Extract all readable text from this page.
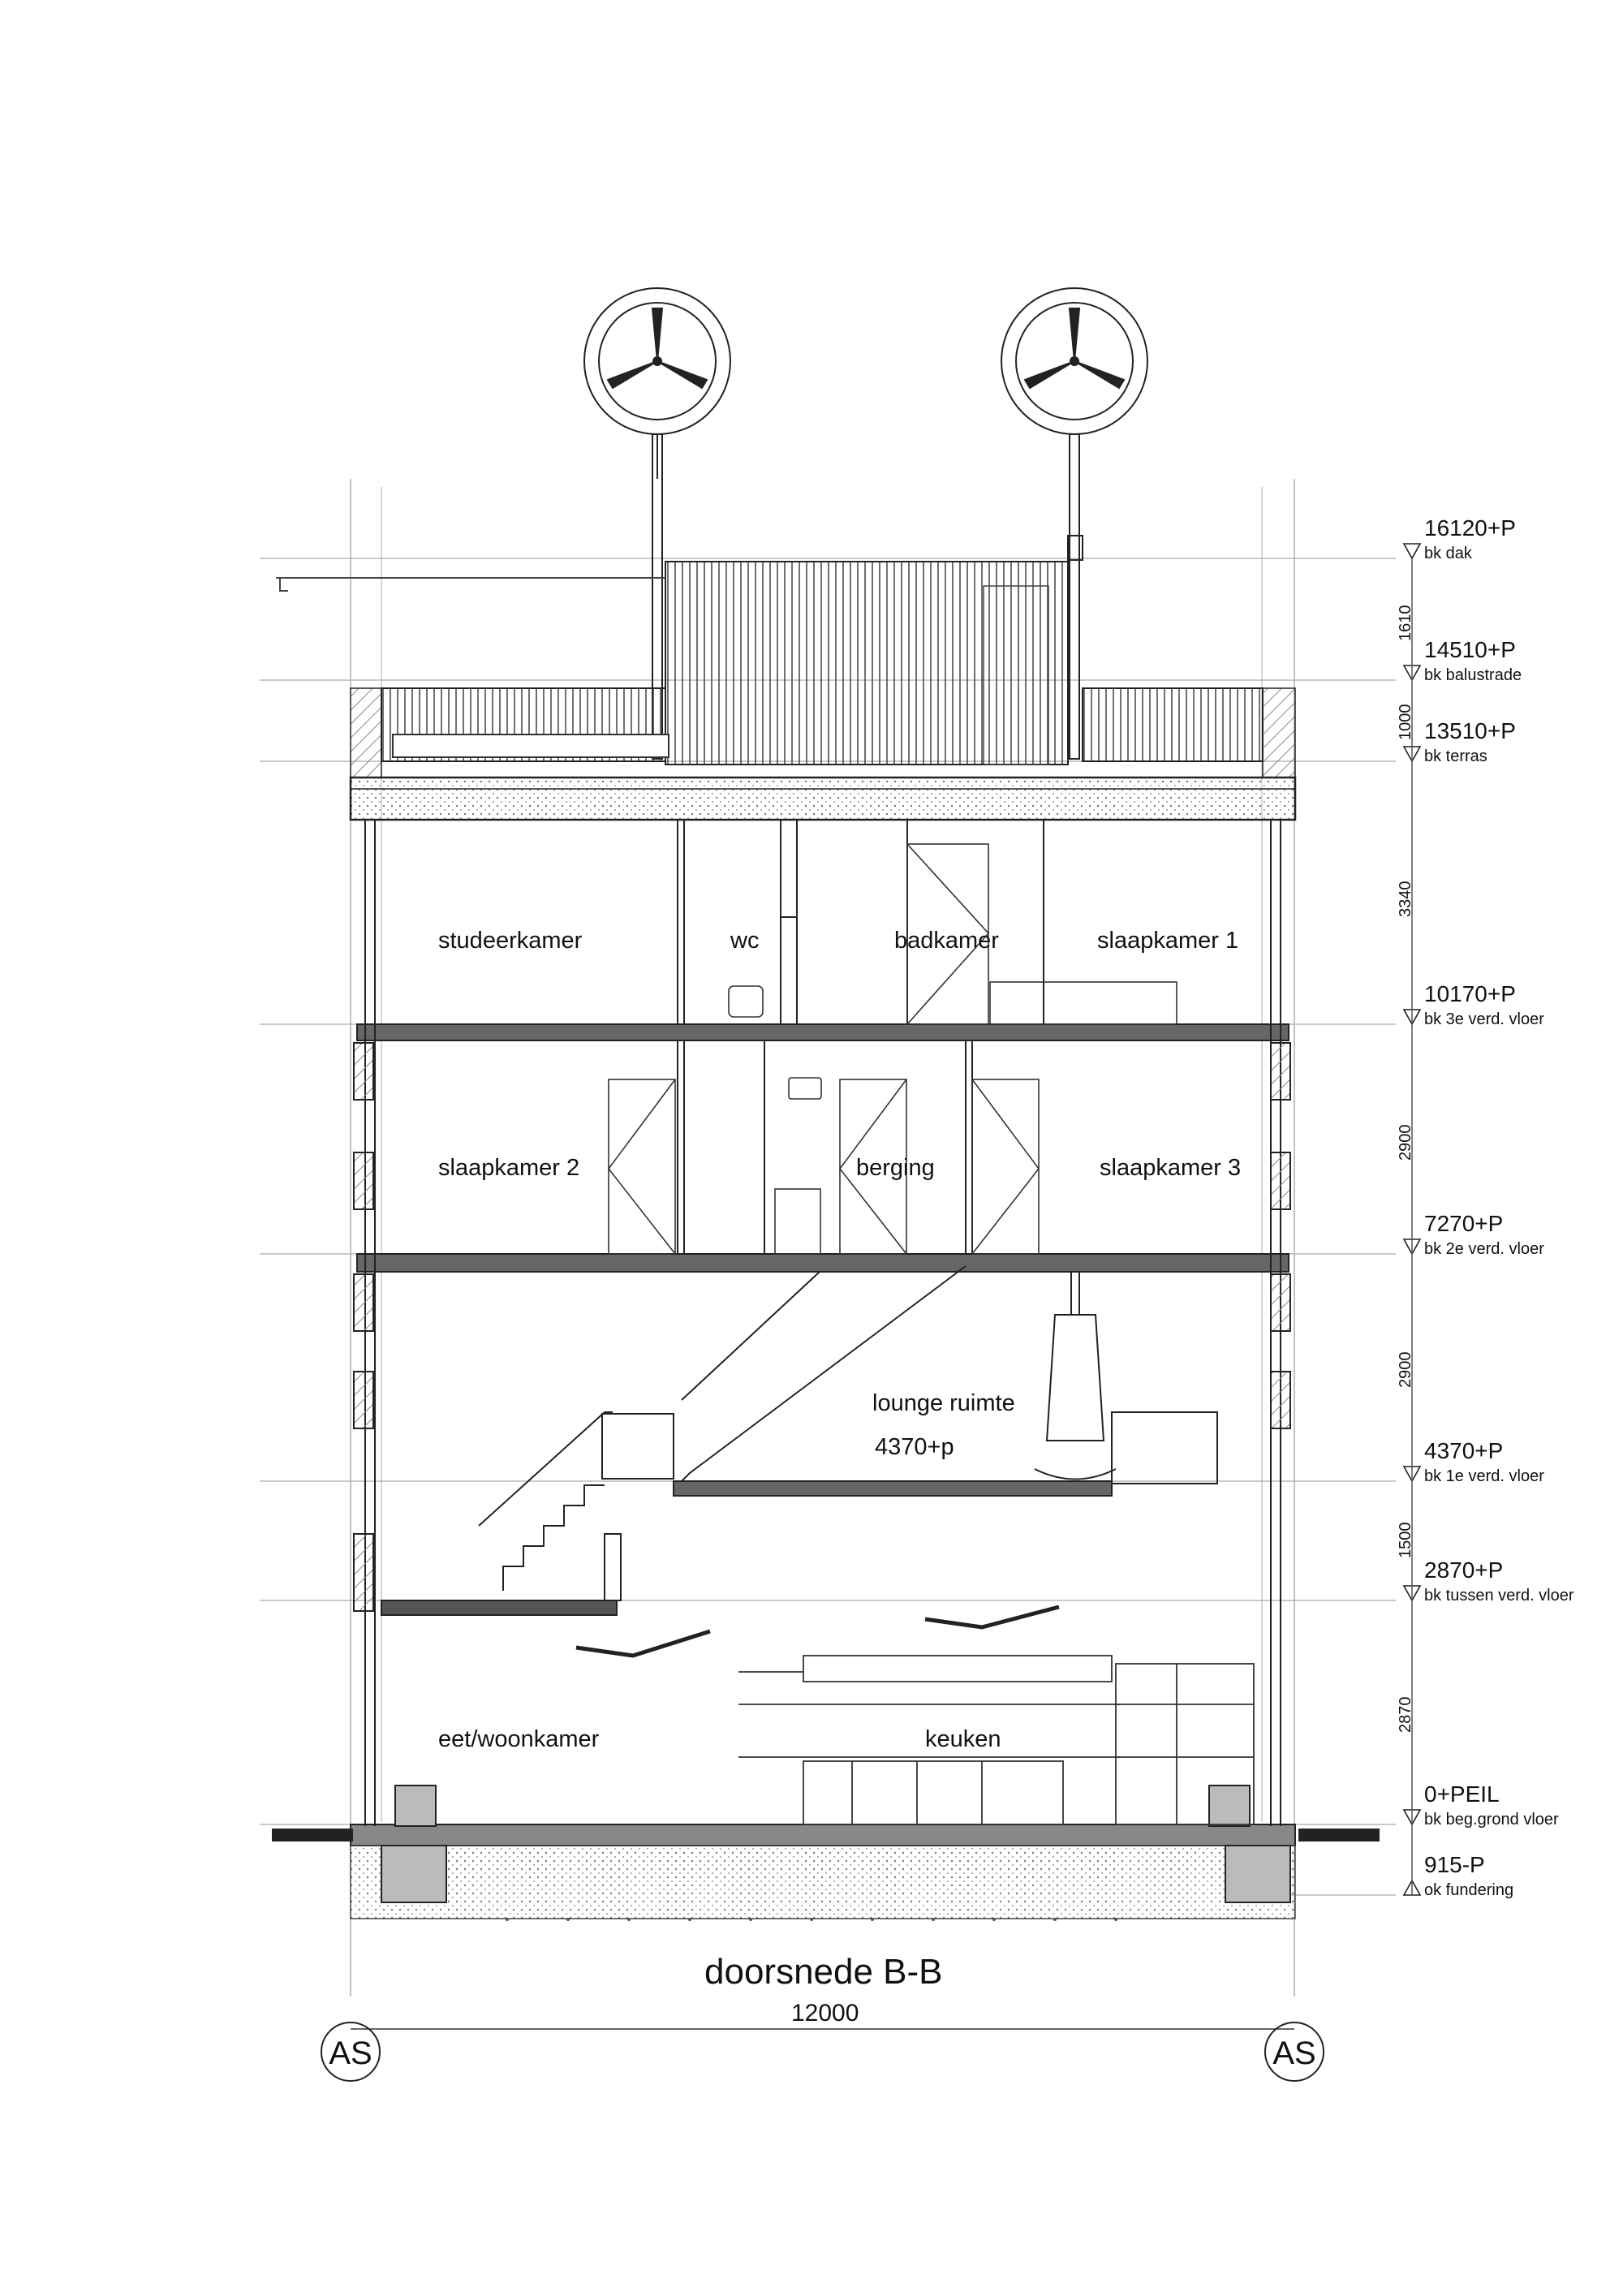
studeerkamer	wc	badkamer	slaapkamer 1
slaapkamer 2	berging	slaapkamer 3
lounge ruimte
4370+p
eet/woonkamer	keuken
16120+P
bk dak
14510+P
bk balustrade
13510+P
bk terras
10170+P
bk 3e verd. vloer
7270+P
bk 2e verd. vloer
4370+P
bk 1e verd. vloer
2870+P
bk tussen verd. vloer
0+PEIL
bk beg.grond vloer
915-P
ok fundering
1610
1000
3340
2900
2900
1500
2870
doorsnede B-B
12000
AS	AS
